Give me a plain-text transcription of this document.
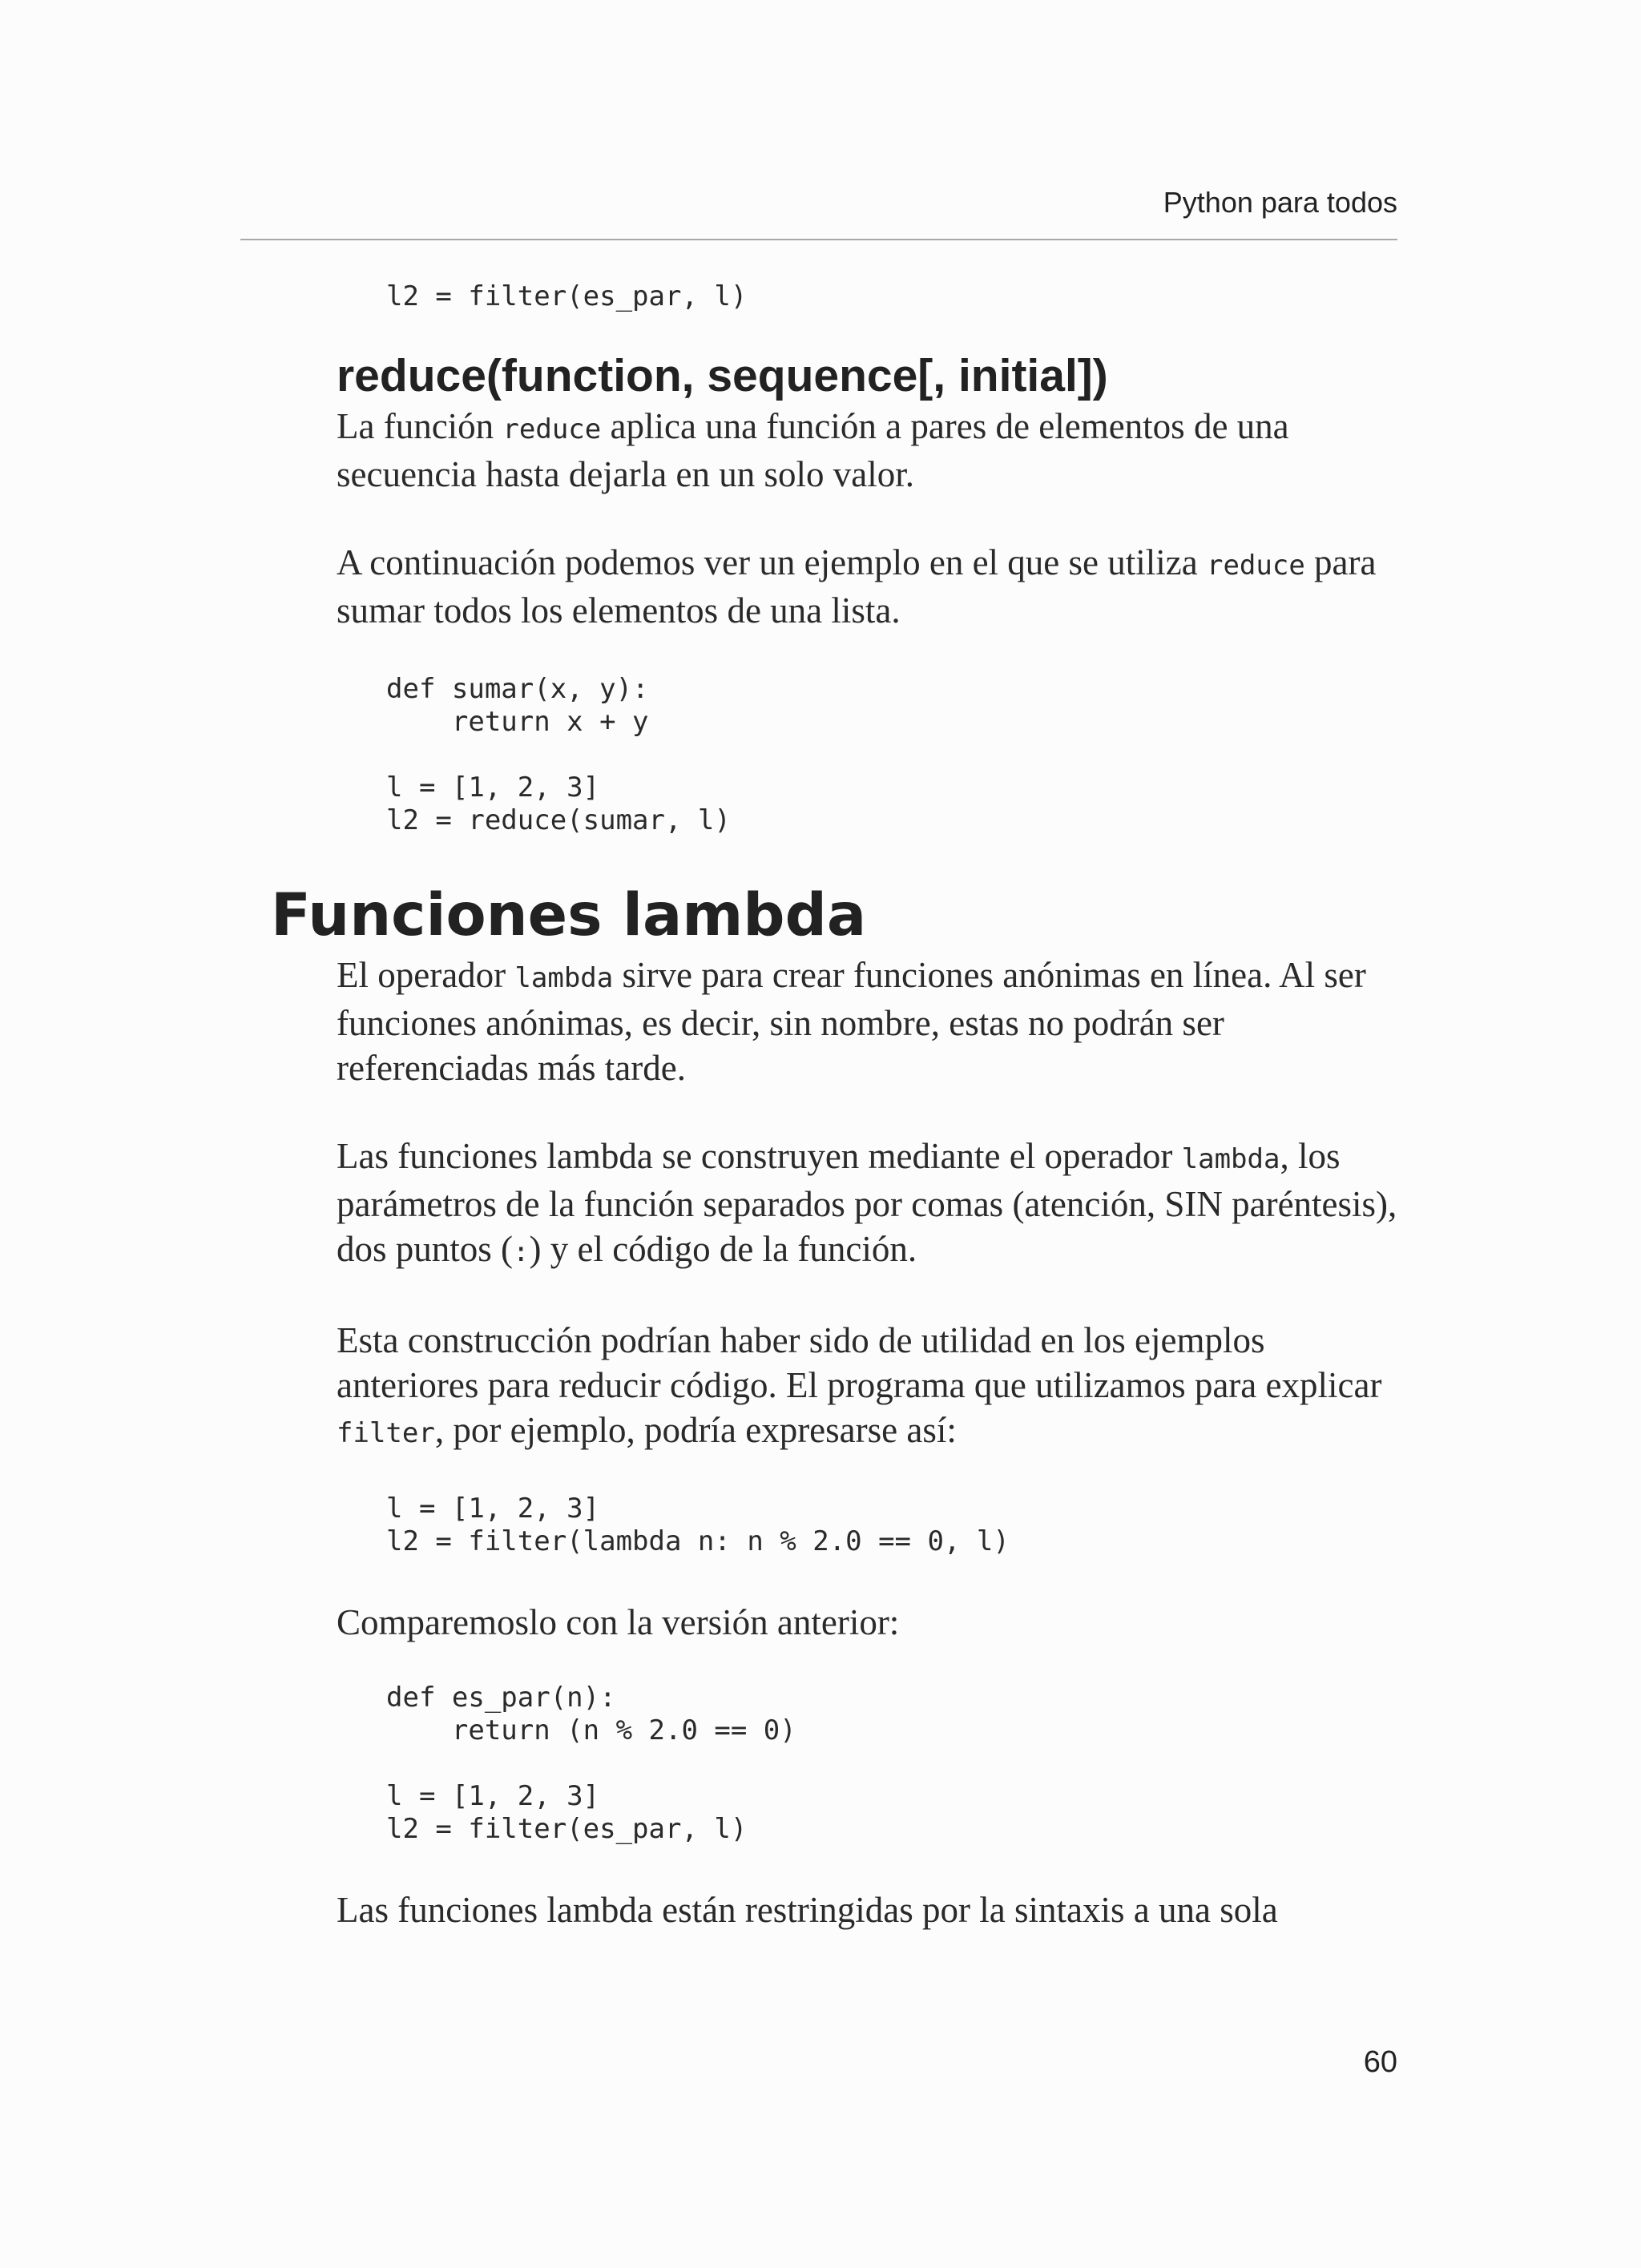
Python para todos
l2 = filter(es_par, l)
reduce(function, sequence[, initial])

La función reduce aplica una función a pares de elementos de una secuencia hasta dejarla en un solo valor.

A continuación podemos ver un ejemplo en el que se utiliza reduce para sumar todos los elementos de una lista.

def sumar(x, y):
return x + y

l = [1, 2, 3]
l2 = reduce(sumar, l)
Funciones lambda

El operador lambda sirve para crear funciones anónimas en línea. Al ser funciones anónimas, es decir, sin nombre, estas no podrán ser referenciadas más tarde.

Las funciones lambda se construyen mediante el operador lambda, los parámetros de la función separados por comas (atención, SIN paréntesis), dos puntos (:) y el código de la función.

Esta construcción podrían haber sido de utilidad en los ejemplos anteriores para reducir código. El programa que utilizamos para explicar filter, por ejemplo, podría expresarse así:

l = [1, 2, 3]
l2 = filter(lambda n: n % 2.0 == 0, l)

Comparemoslo con la versión anterior:

def es_par(n):
return (n % 2.0 == 0)

l = [1, 2, 3]
l2 = filter(es_par, l)

Las funciones lambda están restringidas por la sintaxis a una sola

60
